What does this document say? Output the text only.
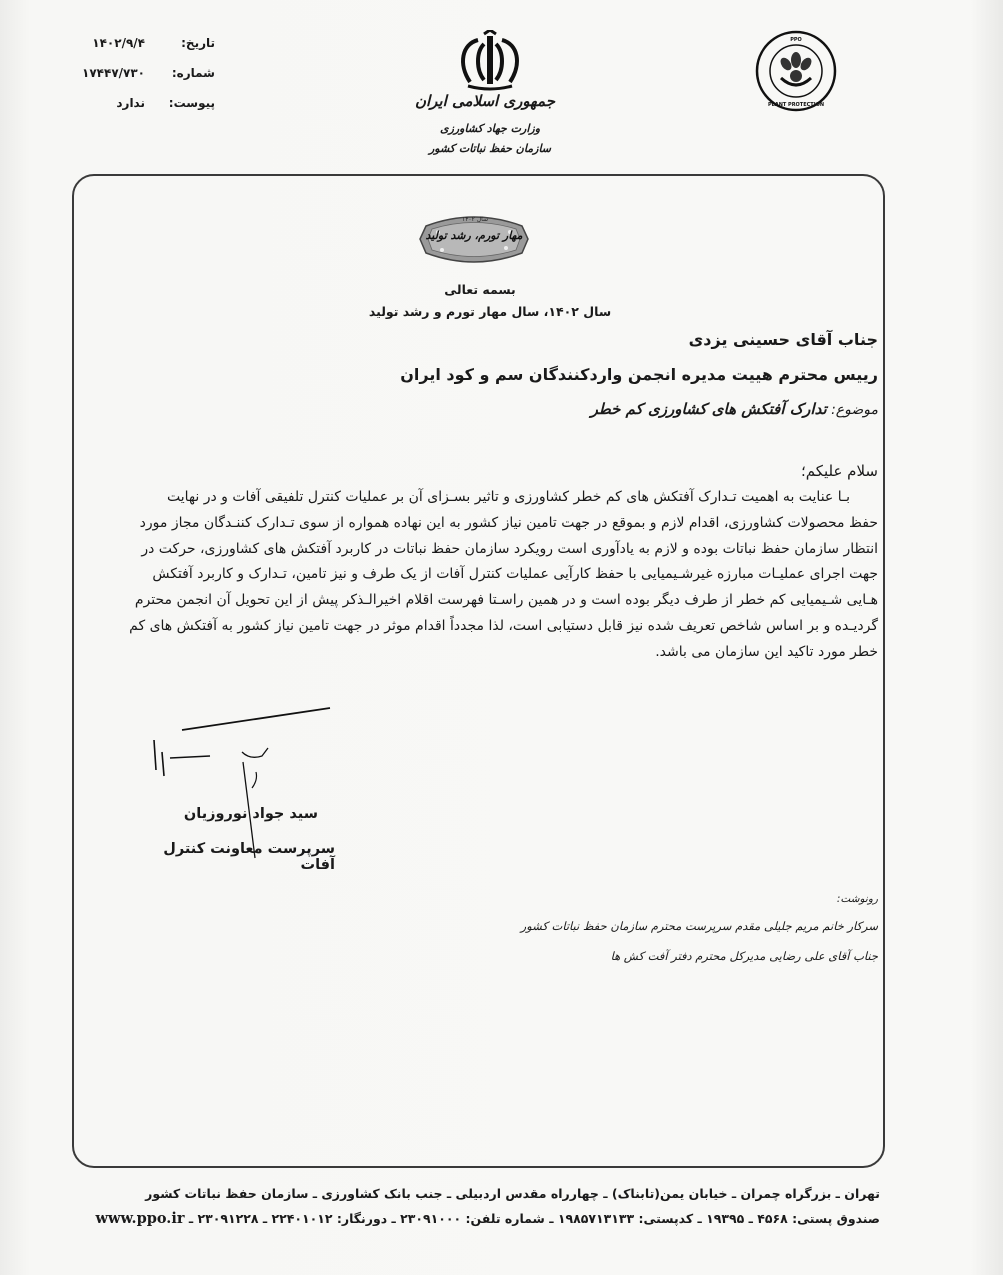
تاریخ:
۱۴۰۲/۹/۴
شماره:
۱۷۴۴۷/۷۳۰
پیوست:
ندارد	جمهوری اسلامی ایران
وزارت جهاد کشاورزی
سازمان حفظ نباتات کشور
PPO
PLANT PROTECTION
سال ۱۴۰۲
مهار تورم، رشد تولید
بسمه تعالی
سال ۱۴۰۲، سال مهار تورم و رشد تولید
جناب آقای حسینی یزدی
رییس محترم هییت مدیره انجمن واردکنندگان سم و کود ایران
موضوع: تدارک آفتکش های کشاورزی کم خطر
سلام علیکم؛
بـا عنایت به اهمیت تـدارک آفتکش های کم خطر کشاورزی و تاثیر بسـزای آن بر عملیات کنترل تلفیقی آفات و در نهایت
حفظ محصولات کشاورزی، اقدام لازم و بموقع در جهت تامین نیاز کشور به این نهاده همواره از سوی تـدارک کننـدگان مجاز مورد
انتظار سازمان حفظ نباتات بوده و لازم به یادآوری است رویکرد سازمان حفظ نباتات در کاربرد آفتکش های کشاورزی، حرکت در
جهت اجرای عملیـات مبارزه غیرشـیمیایی با حفظ کارآیی عملیات کنترل آفات از یک طرف و نیز تامین، تـدارک و کاربرد آفتکش
هـایی شـیمیایی کم خطر از طرف دیگر بوده است و در همین راسـتا فهرست اقلام اخیرالـذکر پیش از این تحویل آن انجمن محترم
گردیـده و بر اساس شاخص تعریف شده نیز قابل دستیابی است، لذا مجدداً اقدام موثر در جهت تامین نیاز کشور به آفتکش های کم
خطر مورد تاکید این سازمان می باشد.
سید جواد نوروزیان
سرپرست معاونت کنترل آفات
رونوشت:
سرکار خانم مریم جلیلی مقدم سرپرست محترم سازمان حفظ نباتات کشور
جناب آقای علی رضایی مدیرکل محترم دفتر آفت کش ها
تهران ـ بزرگراه چمران ـ خیابان یمن(تابناک) ـ چهارراه مقدس اردبیلی ـ جنب بانک کشاورزی ـ سازمان حفظ نباتات کشور
صندوق پستی: ۴۵۶۸ ـ ۱۹۳۹۵ ـ کدپستی: ۱۹۸۵۷۱۳۱۳۳ ـ شماره تلفن: ۲۳۰۹۱۰۰۰ ـ دورنگار: ۲۲۴۰۱۰۱۲ ـ ۲۳۰۹۱۲۲۸ ـ www.ppo.ir
